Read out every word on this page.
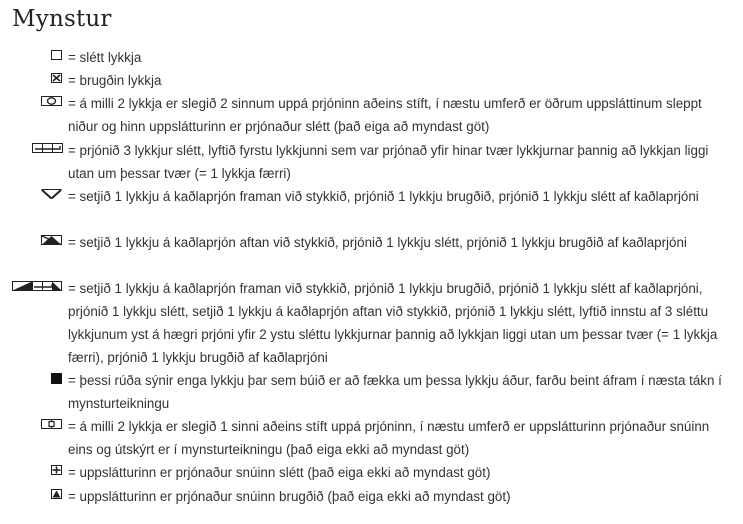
Mynstur
= slétt lykkja
= brugðin lykkja
= á milli 2 lykkja er slegið 2 sinnum uppá prjóninn aðeins stíft, í næstu umferð er öðrum uppsláttinum sleppt niður og hinn uppslátturinn er prjónaður slétt (það eiga að myndast göt)
= prjónið 3 lykkjur slétt, lyftið fyrstu lykkjunni sem var prjónað yfir hinar tvær lykkjurnar þannig að lykkjan liggi utan um þessar tvær (= 1 lykkja færri)
= setjið 1 lykkju á kaðlaprjón framan við stykkið, prjónið 1 lykkju brugðið, prjónið 1 lykkju slétt af kaðlaprjóni
= setjið 1 lykkju á kaðlaprjón aftan við stykkið, prjónið 1 lykkju slétt, prjónið 1 lykkju brugðið af kaðlaprjóni
= setjið 1 lykkju á kaðlaprjón framan við stykkið, prjónið 1 lykkju brugðið, prjónið 1 lykkju slétt af kaðlaprjóni, prjónið 1 lykkju slétt, setjið 1 lykkju á kaðlaprjón aftan við stykkið, prjónið 1 lykkju slétt, lyftið innstu af 3 sléttu lykkjunum yst á hægri prjóni yfir 2 ystu sléttu lykkjurnar þannig að lykkjan liggi utan um þessar tvær (= 1 lykkja færri), prjónið 1 lykkju brugðið af kaðlaprjóni
= þessi rúða sýnir enga lykkju þar sem búið er að fækka um þessa lykkju áður, farðu beint áfram í næsta tákn í mynsturteikningu
= á milli 2 lykkja er slegið 1 sinni aðeins stíft uppá prjóninn, í næstu umferð er uppslátturinn prjónaður snúinn eins og útskýrt er í mynsturteikningu (það eiga ekki að myndast göt)
= uppslátturinn er prjónaður snúinn slétt (það eiga ekki að myndast göt)
= uppslátturinn er prjónaður snúinn brugðið (það eiga ekki að myndast göt)
